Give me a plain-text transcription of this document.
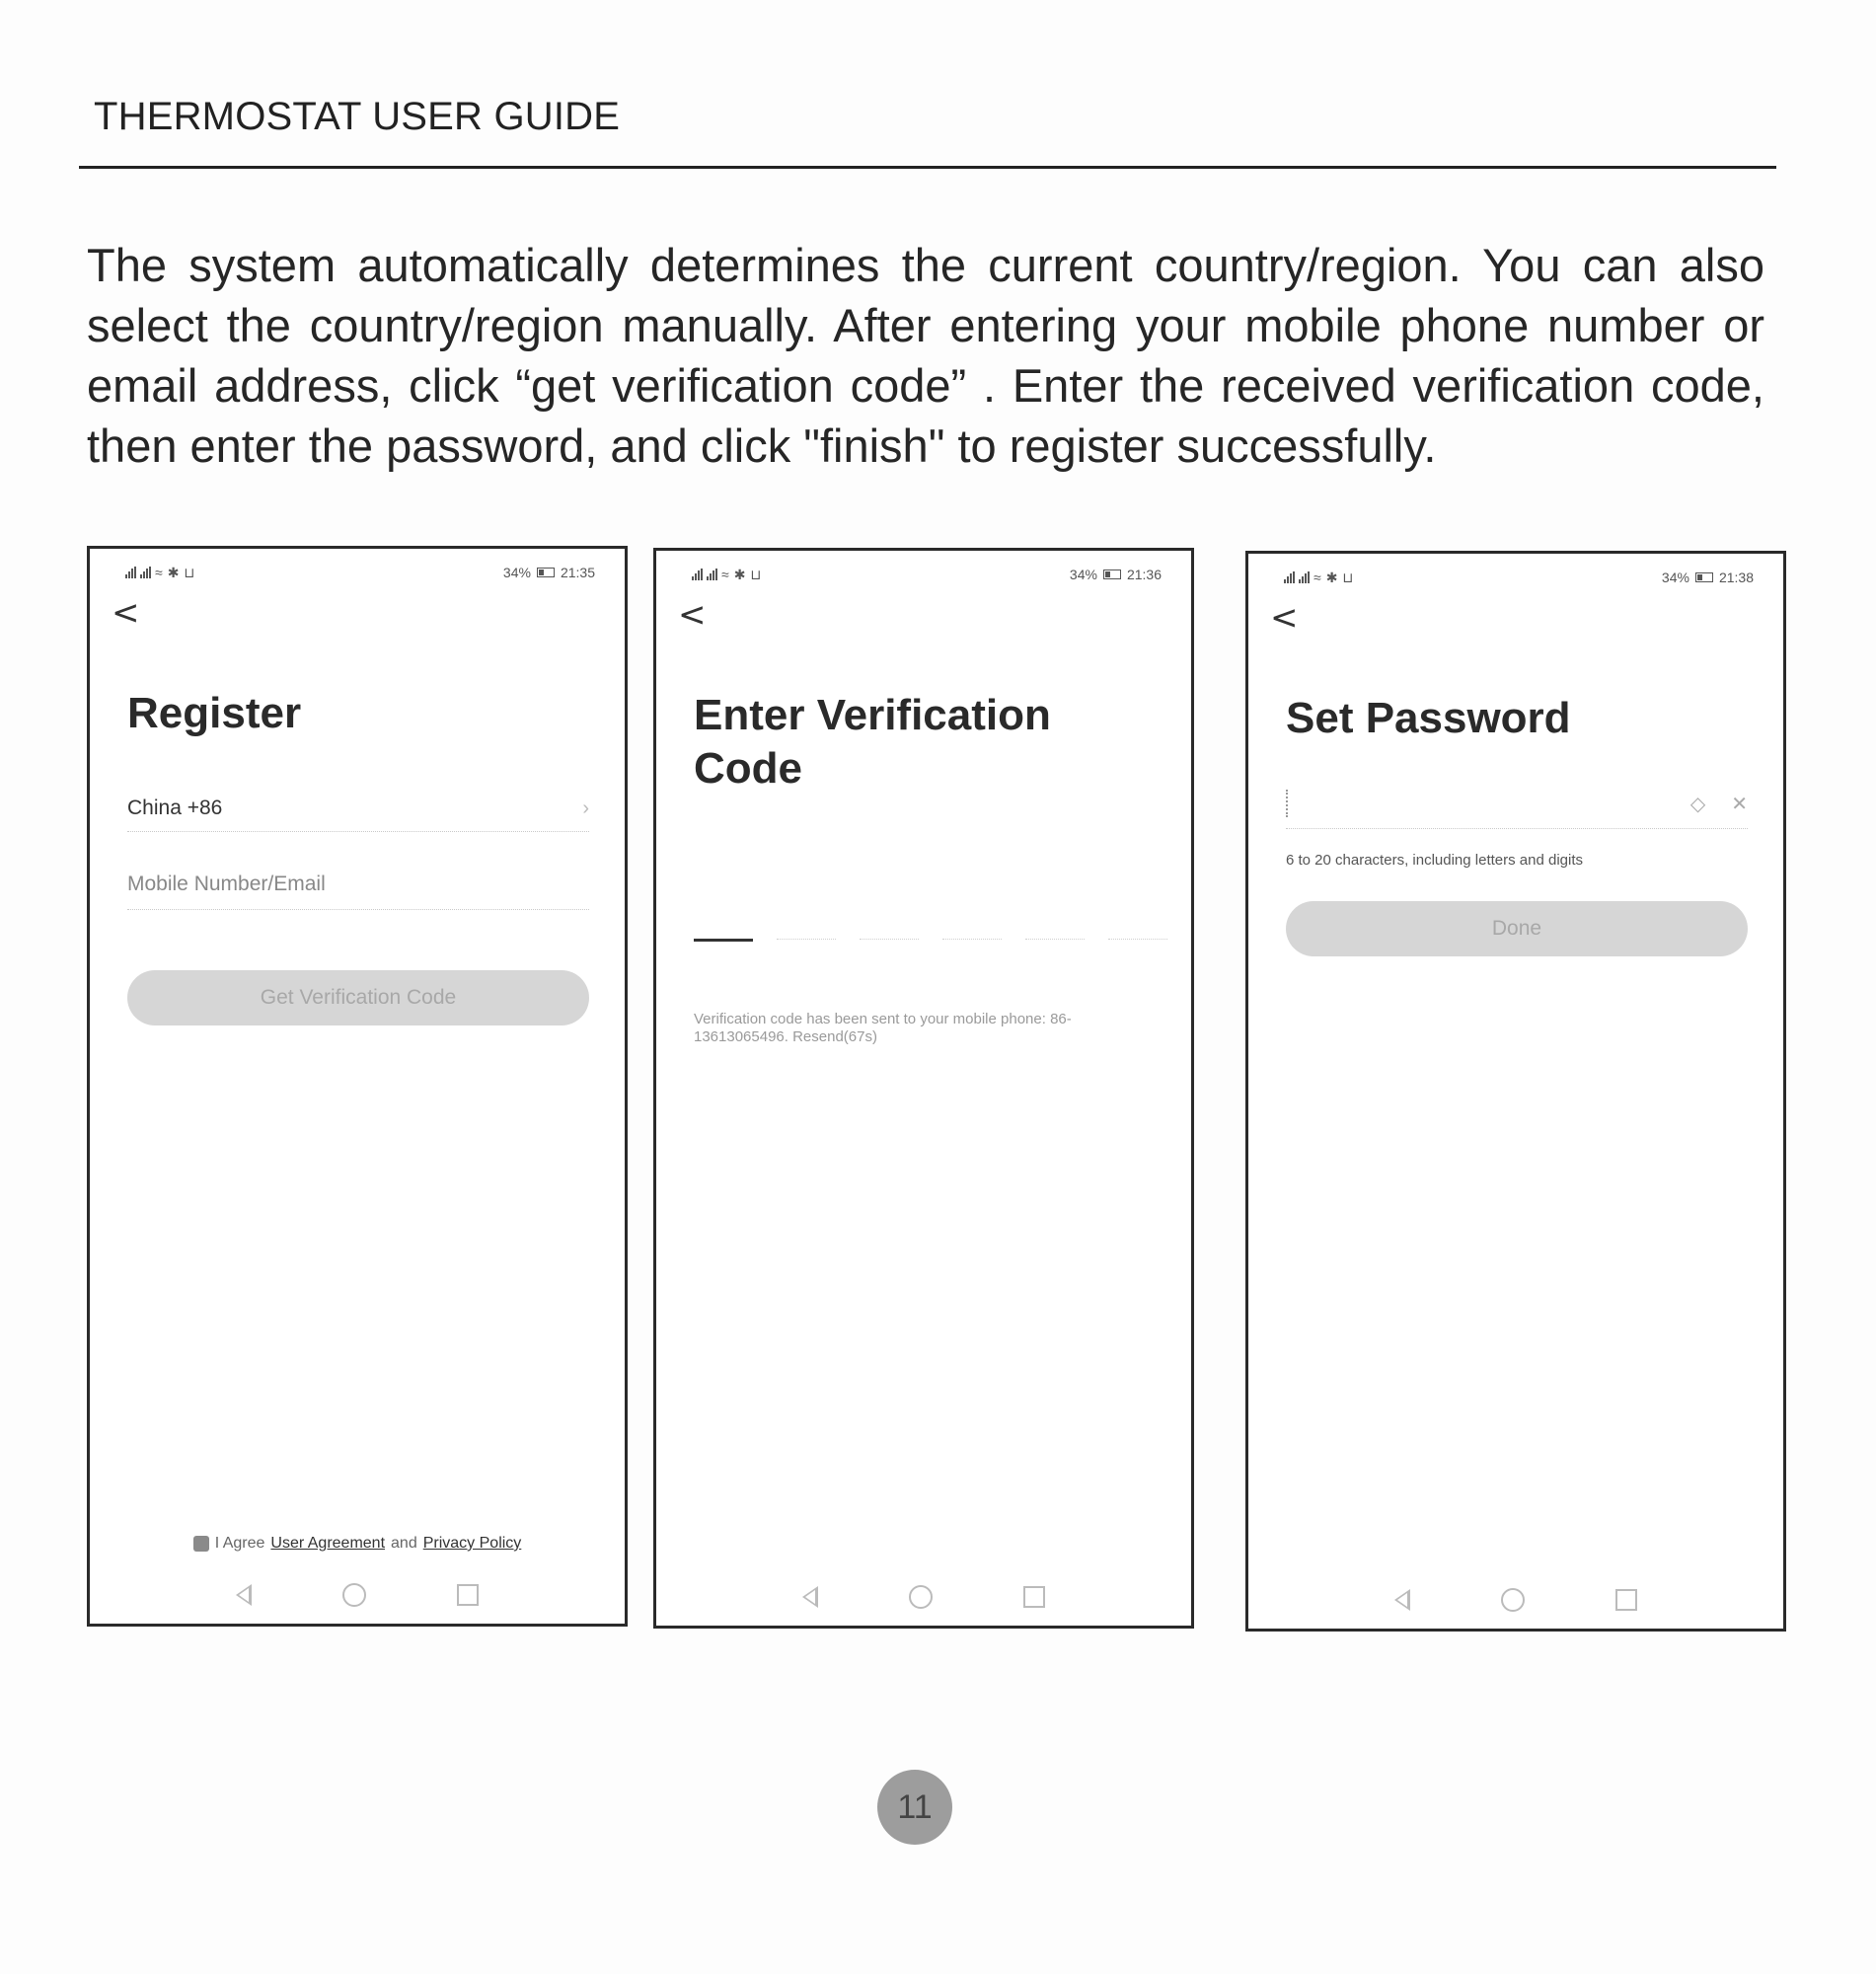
THERMOSTAT USER GUIDE
The system automatically determines the current country/region. You can also select the country/region manually. After entering your mobile phone number or email address, click “get verification code” . Enter the received verification code, then enter the password, and click "finish" to register successfully.
≈ ✱ ⊔	34% 21:35
<
Register
China +86	›
Mobile Number/Email
Get Verification Code
I Agree User Agreement and Privacy Policy
≈ ✱ ⊔	34% 21:36
<
Enter Verification Code
Verification code has been sent to your mobile phone: 86-13613065496. Resend(67s)
≈ ✱ ⊔	34% 21:38
<
Set Password
◇ ✕
6 to 20 characters, including letters and digits
Done
11
